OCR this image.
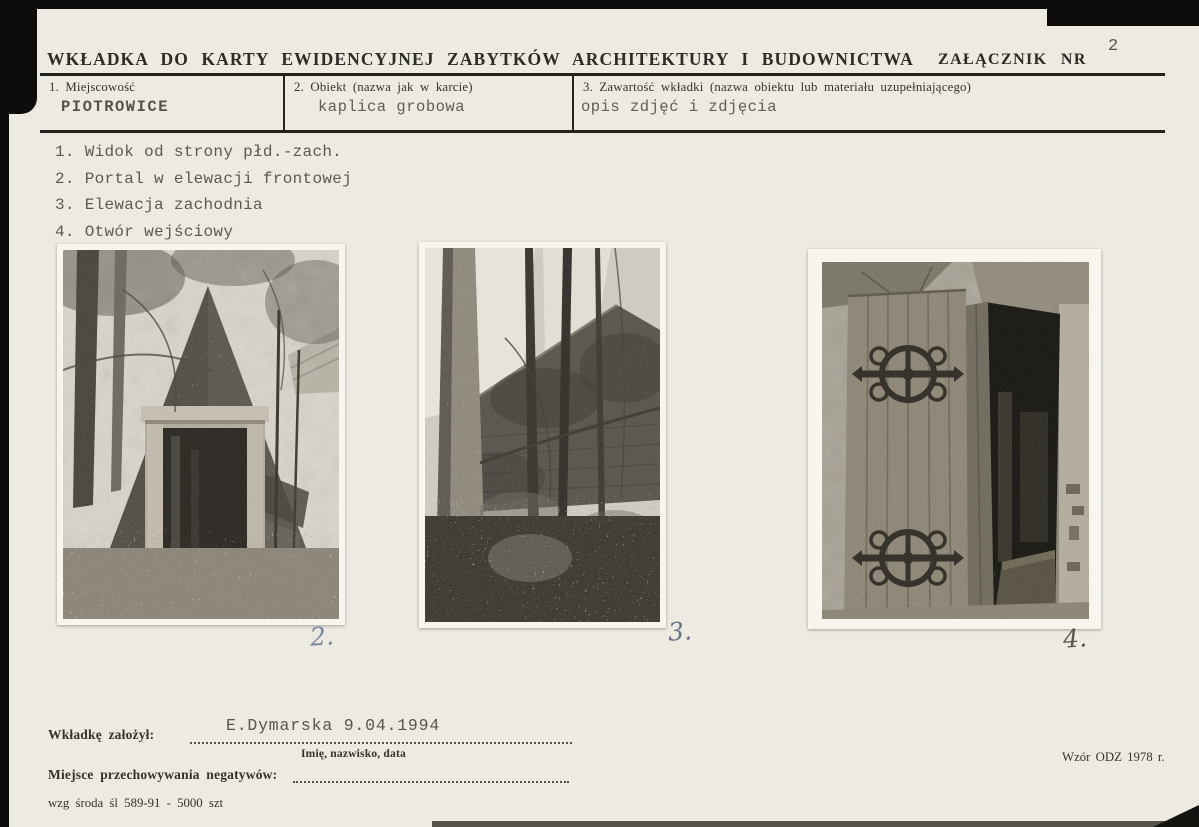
WKŁADKA DO KARTY EWIDENCYJNEJ ZABYTKÓW ARCHITEKTURY I BUDOWNICTWA ZAŁĄCZNIK NR
2
1. Miejscowość
PIOTROWICE
2. Obiekt (nazwa jak w karcie)
kaplica grobowa
3. Zawartość wkładki (nazwa obiektu lub materiału uzupełniającego)
opis zdjęć i zdjęcia
1. Widok od strony płd.-zach.
2. Portal w elewacji frontowej
3. Elewacja zachodnia
4. Otwór wejściowy
2.	3.	4.
Wkładkę założył:	E.Dymarska 9.04.1994
Imię, nazwisko, data
Miejsce przechowywania negatywów:
wzg środa śl 589-91 - 5000 szt
Wzór ODZ 1978 r.
